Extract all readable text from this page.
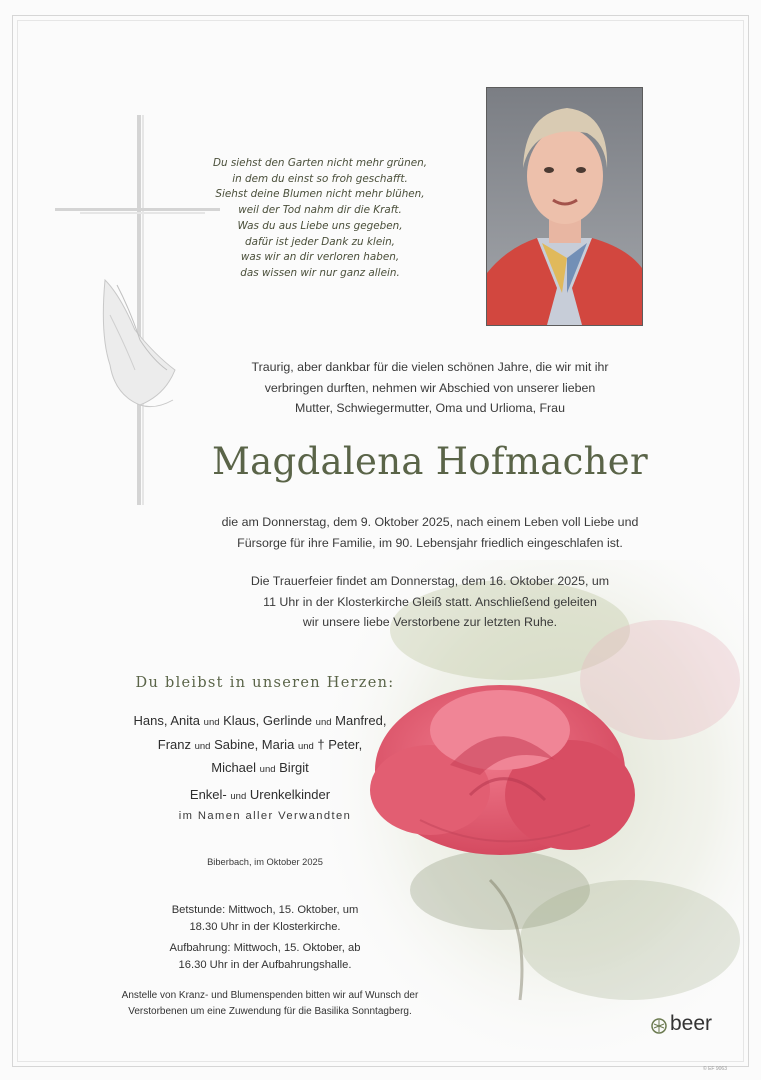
Du siehst den Garten nicht mehr grünen,
in dem du einst so froh geschafft.
Siehst deine Blumen nicht mehr blühen,
weil der Tod nahm dir die Kraft.
Was du aus Liebe uns gegeben,
dafür ist jeder Dank zu klein,
was wir an dir verloren haben,
das wissen wir nur ganz allein.
Traurig, aber dankbar für die vielen schönen Jahre, die wir mit ihr
verbringen durften, nehmen wir Abschied von unserer lieben
Mutter, Schwiegermutter, Oma und Urlioma, Frau
Magdalena Hofmacher
die am Donnerstag, dem 9. Oktober 2025, nach einem Leben voll Liebe und
Fürsorge für ihre Familie, im 90. Lebensjahr friedlich eingeschlafen ist.
Die Trauerfeier findet am Donnerstag, dem 16. Oktober 2025, um
11 Uhr in der Klosterkirche Gleiß statt. Anschließend geleiten
wir unsere liebe Verstorbene zur letzten Ruhe.
Du bleibst in unseren Herzen:
Hans, Anita und Klaus, Gerlinde und Manfred,
Franz und Sabine, Maria und † Peter,
Michael und Birgit
Enkel- und Urenkelkinder
im Namen aller Verwandten
Biberbach, im Oktober 2025
Betstunde: Mittwoch, 15. Oktober, um
18.30 Uhr in der Klosterkirche.
Aufbahrung: Mittwoch, 15. Oktober, ab
16.30 Uhr in der Aufbahrungshalle.
Anstelle von Kranz- und Blumenspenden bitten wir auf Wunsch der
Verstorbenen um eine Zuwendung für die Basilika Sonntagberg.
beer
© EF 9063
